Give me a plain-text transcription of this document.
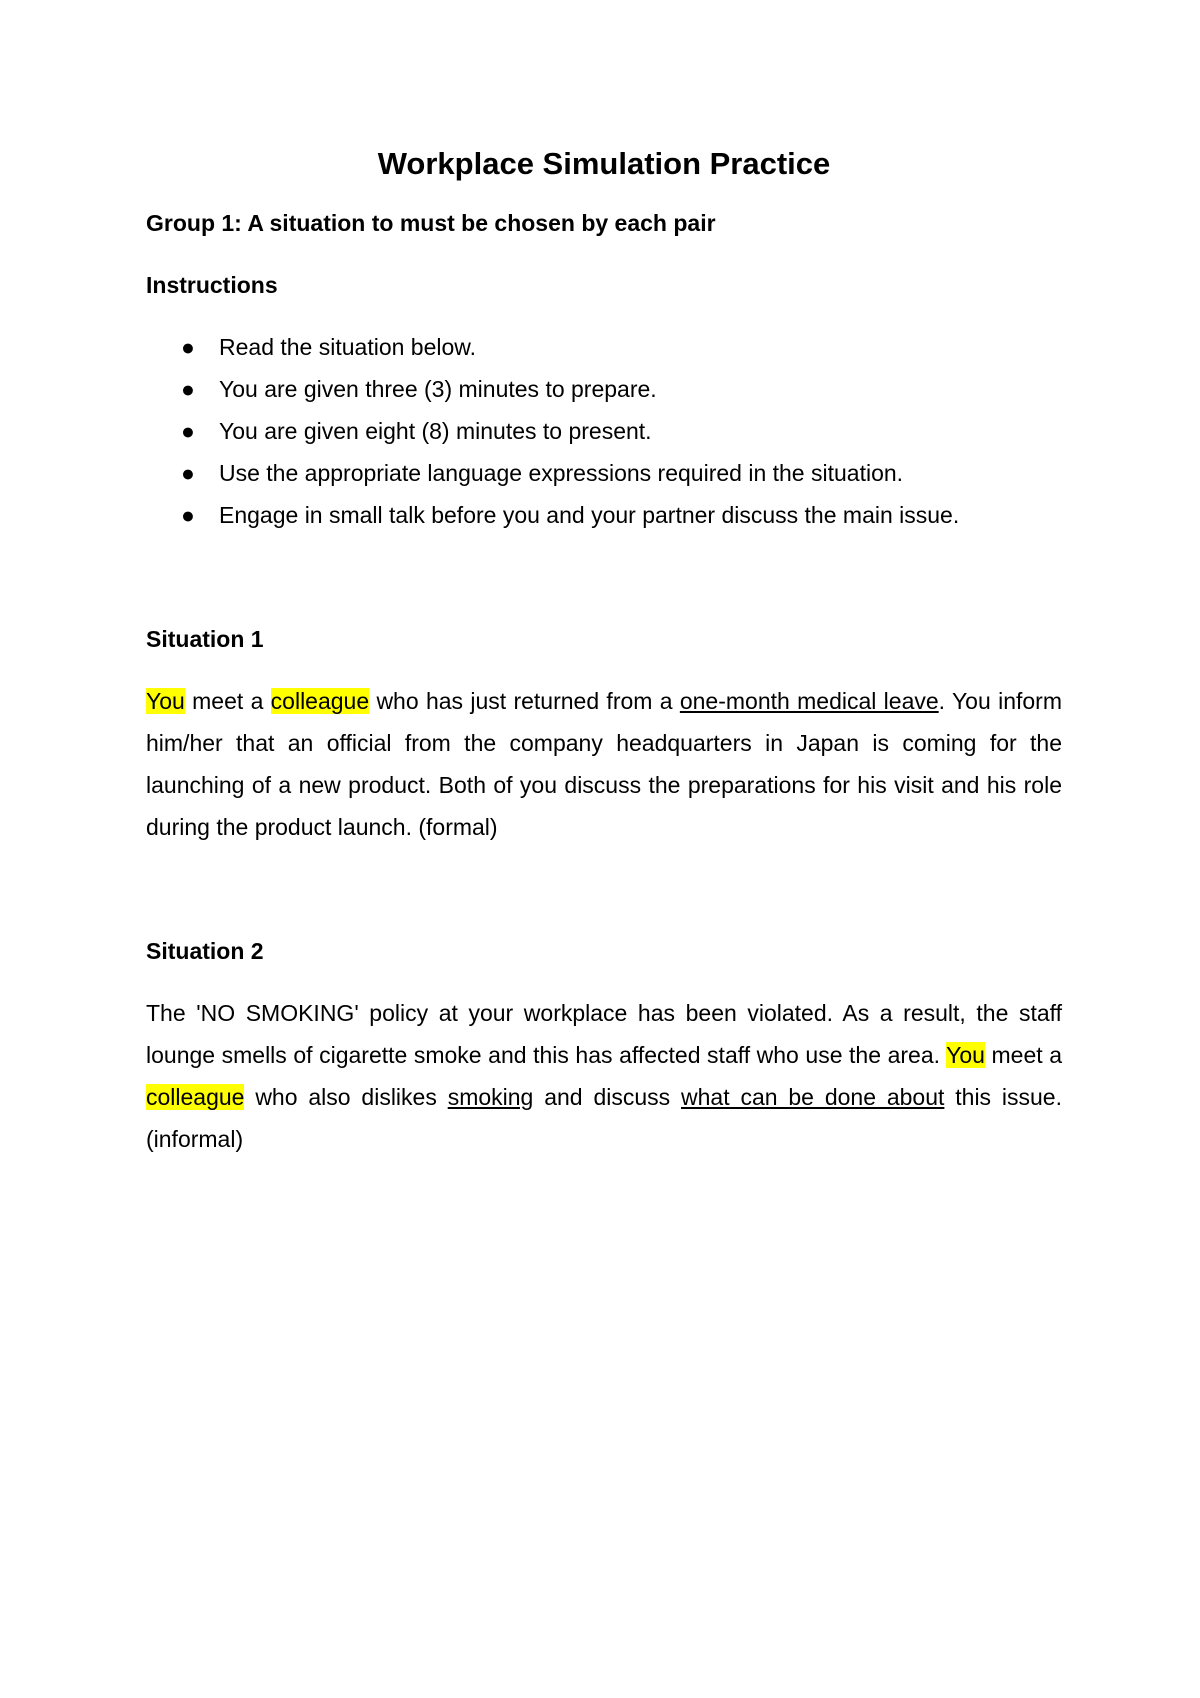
Workplace Simulation Practice

Group 1: A situation to must be chosen by each pair

Instructions

● Read the situation below.
● You are given three (3) minutes to prepare.
● You are given eight (8) minutes to present.
● Use the appropriate language expressions required in the situation.
● Engage in small talk before you and your partner discuss the main issue.

Situation 1

You meet a colleague who has just returned from a one-month medical leave. You inform him/her that an official from the company headquarters in Japan is coming for the launching of a new product. Both of you discuss the preparations for his visit and his role during the product launch. (formal)

Situation 2

The 'NO SMOKING' policy at your workplace has been violated. As a result, the staff lounge smells of cigarette smoke and this has affected staff who use the area. You meet a colleague who also dislikes smoking and discuss what can be done about this issue. (informal)
